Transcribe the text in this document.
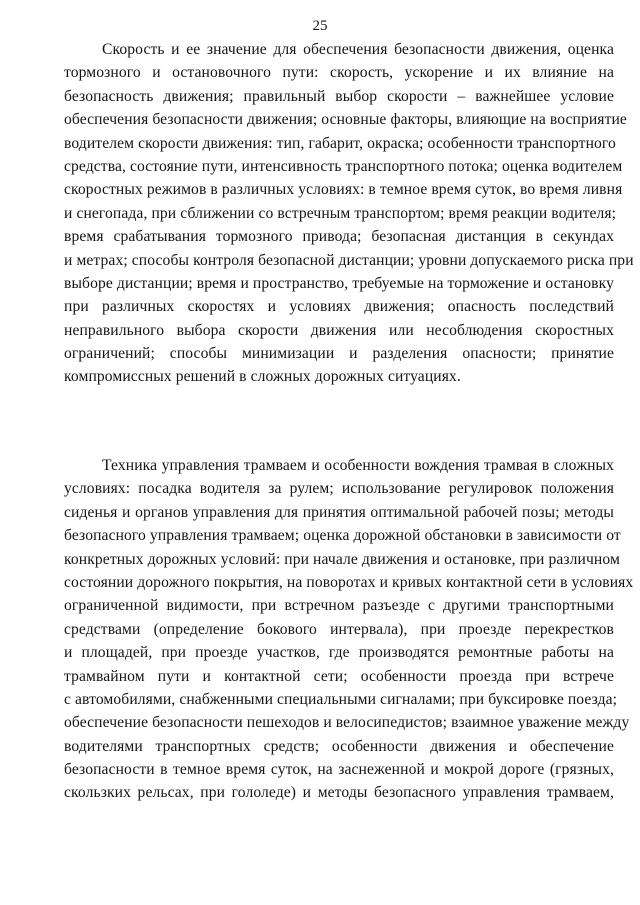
25
Скорость и ее значение для обеспечения безопасности движения, оценка
тормозного и остановочного пути: скорость, ускорение и их влияние на
безопасность движения; правильный выбор скорости – важнейшее условие
обеспечения безопасности движения; основные факторы, влияющие на восприятие
водителем скорости движения: тип, габарит, окраска; особенности транспортного
средства, состояние пути, интенсивность транспортного потока; оценка водителем
скоростных режимов в различных условиях: в темное время суток, во время ливня
и снегопада, при сближении со встречным транспортом; время реакции водителя;
время срабатывания тормозного привода; безопасная дистанция в секундах
и метрах; способы контроля безопасной дистанции; уровни допускаемого риска при
выборе дистанции; время и пространство, требуемые на торможение и остановку
при различных скоростях и условиях движения; опасность последствий
неправильного выбора скорости движения или несоблюдения скоростных
ограничений; способы минимизации и разделения опасности; принятие
компромиссных решений в сложных дорожных ситуациях.
Техника управления трамваем и особенности вождения трамвая в сложных
условиях: посадка водителя за рулем; использование регулировок положения
сиденья и органов управления для принятия оптимальной рабочей позы; методы
безопасного управления трамваем; оценка дорожной обстановки в зависимости от
конкретных дорожных условий: при начале движения и остановке, при различном
состоянии дорожного покрытия, на поворотах и кривых контактной сети в условиях
ограниченной видимости, при встречном разъезде с другими транспортными
средствами (определение бокового интервала), при проезде перекрестков
и площадей, при проезде участков, где производятся ремонтные работы на
трамвайном пути и контактной сети; особенности проезда при встрече
с автомобилями, снабженными специальными сигналами; при буксировке поезда;
обеспечение безопасности пешеходов и велосипедистов; взаимное уважение между
водителями транспортных средств; особенности движения и обеспечение
безопасности в темное время суток, на заснеженной и мокрой дороге (грязных,
скользких рельсах, при гололеде) и методы безопасного управления трамваем,
